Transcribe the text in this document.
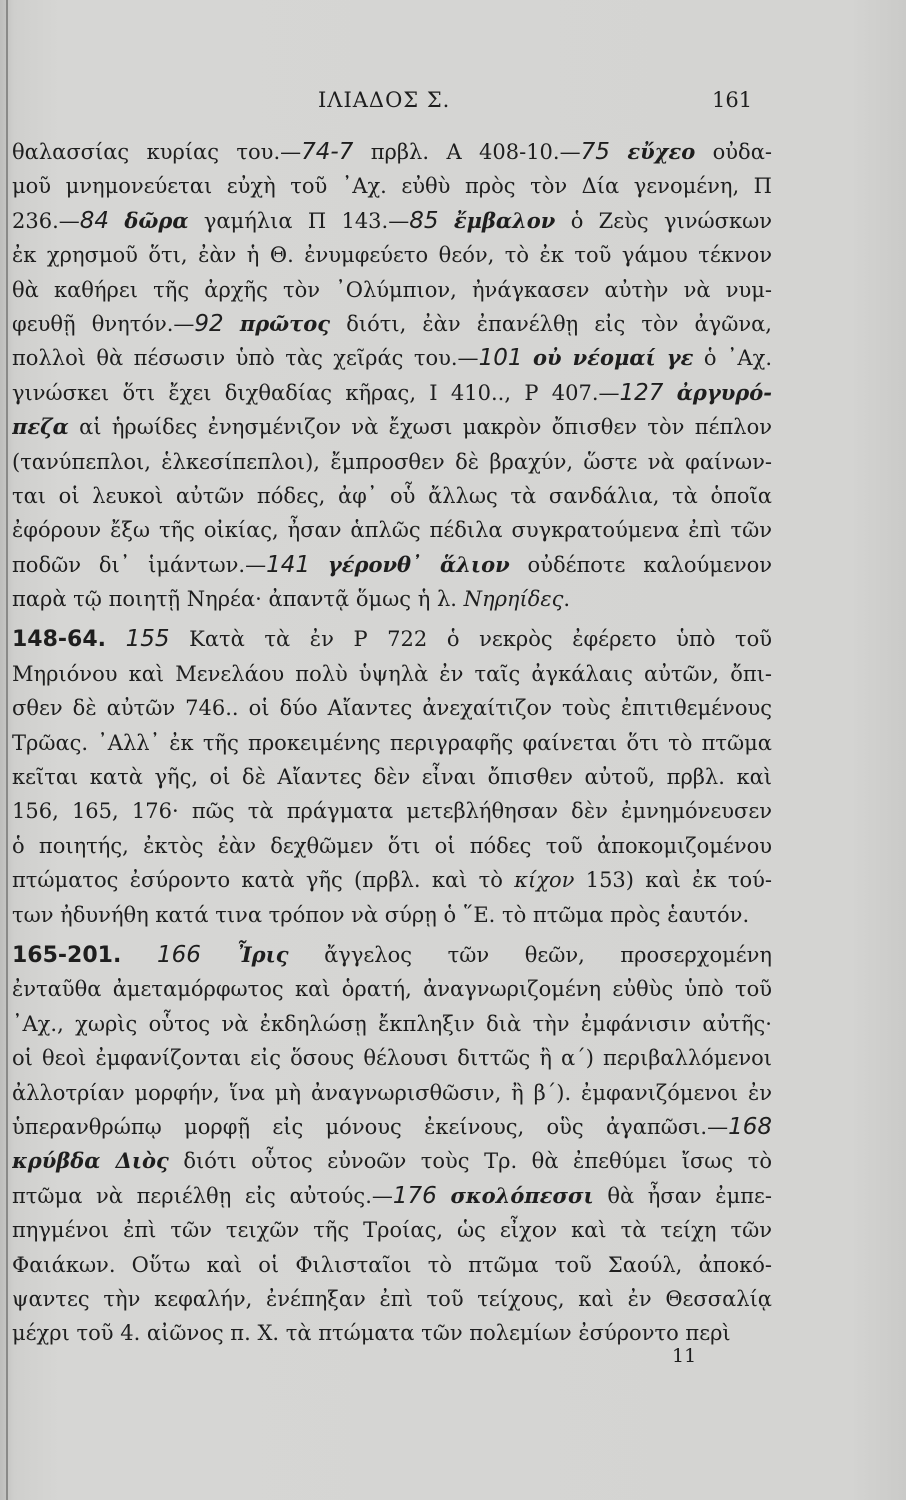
ΙΛΙΑΔΟΣ Σ.	161
θαλασσίας κυρίας του.—74-7 πρβλ. Α 408-10.—75 εὔχεο οὐδα-
μοῦ μνημονεύεται εὐχὴ τοῦ ᾿Αχ. εὐθὺ πρὸς τὸν Δία γενομένη, Π
236.—84 δῶρα γαμήλια Π 143.—85 ἔμβαλον ὁ Ζεὺς γινώσκων
ἐκ χρησμοῦ ὅτι, ἐὰν ἡ Θ. ἐνυμφεύετο θεόν, τὸ ἐκ τοῦ γάμου τέκνον
θὰ καθήρει τῆς ἀρχῆς τὸν ᾿Ολύμπιον, ἠνάγκασεν αὐτὴν νὰ νυμ-
φευθῇ θνητόν.—92 πρῶτος διότι, ἐὰν ἐπανέλθῃ εἰς τὸν ἀγῶνα,
πολλοὶ θὰ πέσωσιν ὑπὸ τὰς χεῖράς του.—101 οὐ νέομαί γε ὁ ᾿Αχ.
γινώσκει ὅτι ἔχει διχθαδίας κῆρας, Ι 410.., Ρ 407.—127 ἀργυρό-
πεζα αἱ ἡρωίδες ἐνησμένιζον νὰ ἔχωσι μακρὸν ὄπισθεν τὸν πέπλον
(τανύπεπλοι, ἑλκεσίπεπλοι), ἔμπροσθεν δὲ βραχύν, ὥστε νὰ φαίνων-
ται οἱ λευκοὶ αὐτῶν πόδες, ἀφ᾿ οὗ ἄλλως τὰ σανδάλια, τὰ ὁποῖα
ἐφόρουν ἔξω τῆς οἰκίας, ἦσαν ἁπλῶς πέδιλα συγκρατούμενα ἐπὶ τῶν
ποδῶν δι᾿ ἱμάντων.—141 γέρονθ᾿ ἅλιον οὐδέποτε καλούμενον
παρὰ τῷ ποιητῇ Νηρέα· ἀπαντᾷ ὅμως ἡ λ. Νηρηίδες.
148-64. 155 Κατὰ τὰ ἐν Ρ 722 ὁ νεκρὸς ἐφέρετο ὑπὸ τοῦ
Μηριόνου καὶ Μενελάου πολὺ ὑψηλὰ ἐν ταῖς ἀγκάλαις αὐτῶν, ὄπι-
σθεν δὲ αὐτῶν 746.. οἱ δύο Αἴαντες ἀνεχαίτιζον τοὺς ἐπιτιθεμένους
Τρῶας. ᾿Αλλ᾿ ἐκ τῆς προκειμένης περιγραφῆς φαίνεται ὅτι τὸ πτῶμα
κεῖται κατὰ γῆς, οἱ δὲ Αἴαντες δὲν εἶναι ὄπισθεν αὐτοῦ, πρβλ. καὶ
156, 165, 176· πῶς τὰ πράγματα μετεβλήθησαν δὲν ἐμνημόνευσεν
ὁ ποιητής, ἐκτὸς ἐὰν δεχθῶμεν ὅτι οἱ πόδες τοῦ ἀποκομιζομένου
πτώματος ἐσύροντο κατὰ γῆς (πρβλ. καὶ τὸ κίχον 153) καὶ ἐκ τού-
των ἠδυνήθη κατά τινα τρόπον νὰ σύρῃ ὁ ῞Ε. τὸ πτῶμα πρὸς ἑαυτόν.
165-201. 166 Ἶρις ἄγγελος τῶν θεῶν, προσερχομένη
ἐνταῦθα ἀμεταμόρφωτος καὶ ὁρατή, ἀναγνωριζομένη εὐθὺς ὑπὸ τοῦ
᾿Αχ., χωρὶς οὗτος νὰ ἐκδηλώσῃ ἔκπληξιν διὰ τὴν ἐμφάνισιν αὐτῆς·
οἱ θεοὶ ἐμφανίζονται εἰς ὅσους θέλουσι διττῶς ἢ α΄) περιβαλλόμενοι
ἀλλοτρίαν μορφήν, ἵνα μὴ ἀναγνωρισθῶσιν, ἢ β΄). ἐμφανιζόμενοι ἐν
ὑπερανθρώπῳ μορφῇ εἰς μόνους ἐκείνους, οὓς ἀγαπῶσι.—168
κρύβδα Διὸς διότι οὗτος εὐνοῶν τοὺς Τρ. θὰ ἐπεθύμει ἴσως τὸ
πτῶμα νὰ περιέλθῃ εἰς αὐτούς.—176 σκολόπεσσι θὰ ἦσαν ἐμπε-
πηγμένοι ἐπὶ τῶν τειχῶν τῆς Τροίας, ὡς εἶχον καὶ τὰ τείχη τῶν
Φαιάκων. Οὕτω καὶ οἱ Φιλισταῖοι τὸ πτῶμα τοῦ Σαούλ, ἀποκό-
ψαντες τὴν κεφαλήν, ἐνέπηξαν ἐπὶ τοῦ τείχους, καὶ ἐν Θεσσαλίᾳ
μέχρι τοῦ 4. αἰῶνος π. Χ. τὰ πτώματα τῶν πολεμίων ἐσύροντο περὶ
11
